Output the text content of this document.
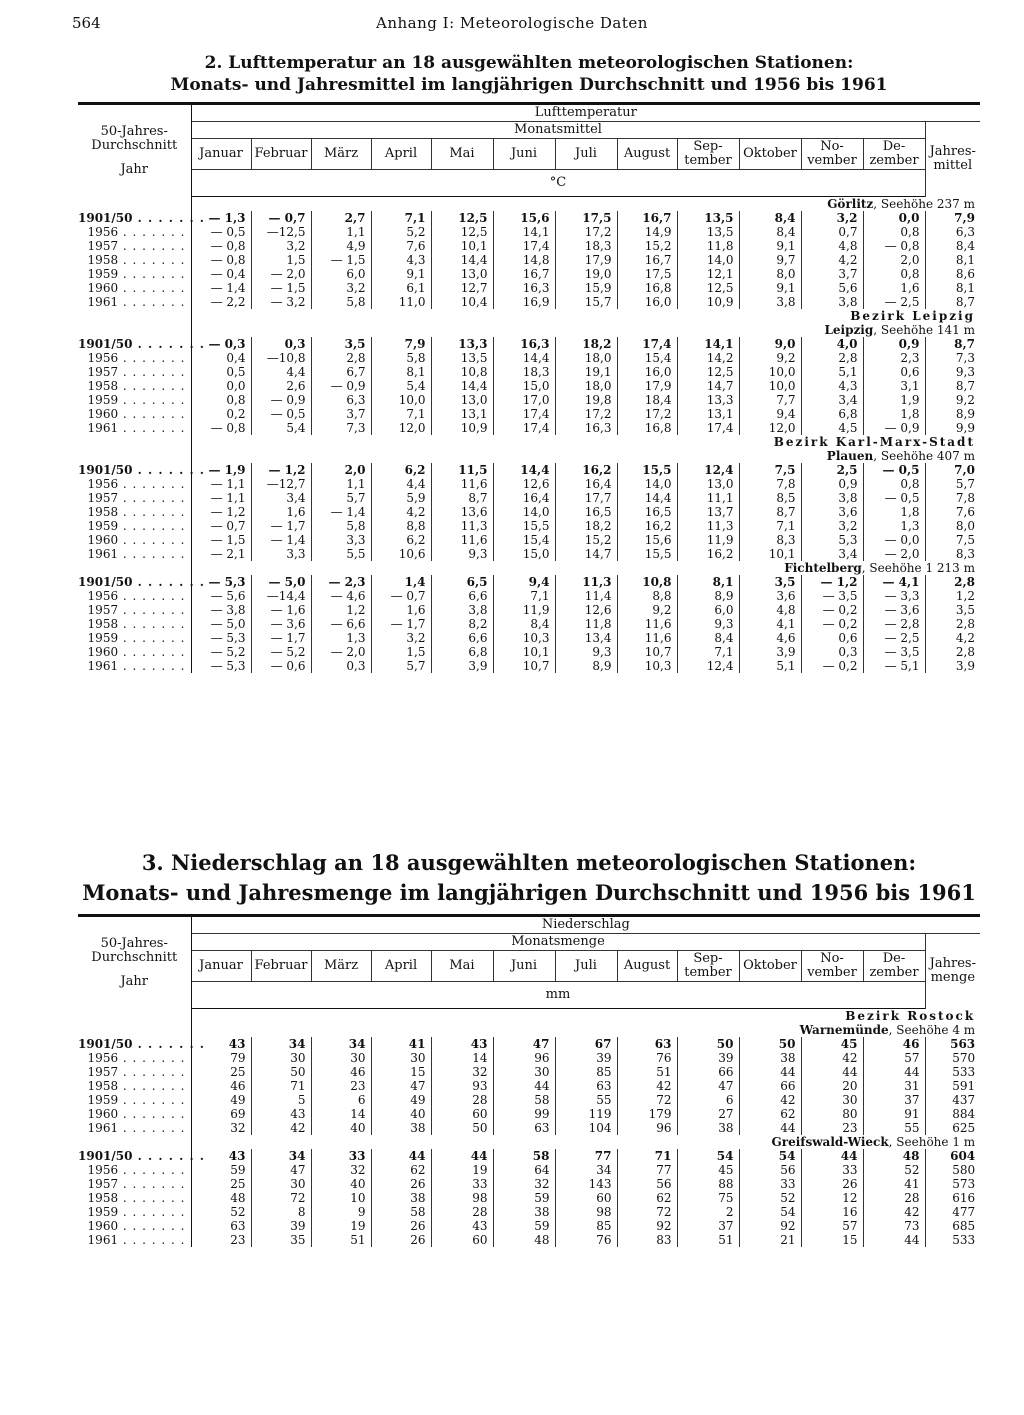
564	Anhang I: Meteorologische Daten

2. Lufttemperatur an 18 ausgewählten meteorologischen Stationen:

Monats- und Jahresmittel im langjährigen Durchschnitt und 1956 bis 1961

50-Jahres-
Durchschnitt
Jahr	Lufttemperatur												
	Monatsmittel												Jahres-
mittel

	Januar	Februar	März	April	Mai	Juni	Juli	August	Sep- tember	Oktober	No- vember	De- zember	
	°C												

	Görlitz, Seehöhe 237 m												

1901/50 . . . . . . .	— 1,3	— 0,7	2,7	7,1	12,5	15,6	17,5	16,7	13,5	8,4	3,2	0,0	7,9
1956 . . . . . . .	— 0,5	—12,5	1,1	5,2	12,5	14,1	17,2	14,9	13,5	8,4	0,7	0,8	6,3
1957 . . . . . . .	— 0,8	3,2	4,9	7,6	10,1	17,4	18,3	15,2	11,8	9,1	4,8	— 0,8	8,4
1958 . . . . . . .	— 0,8	1,5	— 1,5	4,3	14,4	14,8	17,9	16,7	14,0	9,7	4,2	2,0	8,1
1959 . . . . . . .	— 0,4	— 2,0	6,0	9,1	13,0	16,7	19,0	17,5	12,1	8,0	3,7	0,8	8,6
1960 . . . . . . .	— 1,4	— 1,5	3,2	6,1	12,7	16,3	15,9	16,8	12,5	9,1	5,6	1,6	8,1
1961 . . . . . . .	— 2,2	— 3,2	5,8	11,0	10,4	16,9	15,7	16,0	10,9	3,8	3,8	— 2,5	8,7

	Bezirk Leipzig
Leipzig, Seehöhe 141 m												

1901/50 . . . . . . .	— 0,3	0,3	3,5	7,9	13,3	16,3	18,2	17,4	14,1	9,0	4,0	0,9	8,7
1956 . . . . . . .	0,4	—10,8	2,8	5,8	13,5	14,4	18,0	15,4	14,2	9,2	2,8	2,3	7,3
1957 . . . . . . .	0,5	4,4	6,7	8,1	10,8	18,3	19,1	16,0	12,5	10,0	5,1	0,6	9,3
1958 . . . . . . .	0,0	2,6	— 0,9	5,4	14,4	15,0	18,0	17,9	14,7	10,0	4,3	3,1	8,7
1959 . . . . . . .	0,8	— 0,9	6,3	10,0	13,0	17,0	19,8	18,4	13,3	7,7	3,4	1,9	9,2
1960 . . . . . . .	0,2	— 0,5	3,7	7,1	13,1	17,4	17,2	17,2	13,1	9,4	6,8	1,8	8,9
1961 . . . . . . .	— 0,8	5,4	7,3	12,0	10,9	17,4	16,3	16,8	17,4	12,0	4,5	— 0,9	9,9

	Bezirk Karl-Marx-Stadt
Plauen, Seehöhe 407 m												

1901/50 . . . . . . .	— 1,9	— 1,2	2,0	6,2	11,5	14,4	16,2	15,5	12,4	7,5	2,5	— 0,5	7,0
1956 . . . . . . .	— 1,1	—12,7	1,1	4,4	11,6	12,6	16,4	14,0	13,0	7,8	0,9	0,8	5,7
1957 . . . . . . .	— 1,1	3,4	5,7	5,9	8,7	16,4	17,7	14,4	11,1	8,5	3,8	— 0,5	7,8
1958 . . . . . . .	— 1,2	1,6	— 1,4	4,2	13,6	14,0	16,5	16,5	13,7	8,7	3,6	1,8	7,6
1959 . . . . . . .	— 0,7	— 1,7	5,8	8,8	11,3	15,5	18,2	16,2	11,3	7,1	3,2	1,3	8,0
1960 . . . . . . .	— 1,5	— 1,4	3,3	6,2	11,6	15,4	15,2	15,6	11,9	8,3	5,3	— 0,0	7,5
1961 . . . . . . .	— 2,1	3,3	5,5	10,6	9,3	15,0	14,7	15,5	16,2	10,1	3,4	— 2,0	8,3

	Fichtelberg, Seehöhe 1 213 m												

1901/50 . . . . . . .	— 5,3	— 5,0	— 2,3	1,4	6,5	9,4	11,3	10,8	8,1	3,5	— 1,2	— 4,1	2,8
1956 . . . . . . .	— 5,6	—14,4	— 4,6	— 0,7	6,6	7,1	11,4	8,8	8,9	3,6	— 3,5	— 3,3	1,2
1957 . . . . . . .	— 3,8	— 1,6	1,2	1,6	3,8	11,9	12,6	9,2	6,0	4,8	— 0,2	— 3,6	3,5
1958 . . . . . . .	— 5,0	— 3,6	— 6,6	— 1,7	8,2	8,4	11,8	11,6	9,3	4,1	— 0,2	— 2,8	2,8
1959 . . . . . . .	— 5,3	— 1,7	1,3	3,2	6,6	10,3	13,4	11,6	8,4	4,6	0,6	— 2,5	4,2
1960 . . . . . . .	— 5,2	— 5,2	— 2,0	1,5	6,8	10,1	9,3	10,7	7,1	3,9	0,3	— 3,5	2,8
1961 . . . . . . .	— 5,3	— 0,6	0,3	5,7	3,9	10,7	8,9	10,3	12,4	5,1	— 0,2	— 5,1	3,9

3. Niederschlag an 18 ausgewählten meteorologischen Stationen:

Monats- und Jahresmenge im langjährigen Durchschnitt und 1956 bis 1961

50-Jahres-
Durchschnitt
Jahr	Niederschlag												
	Monatsmenge												Jahres-
menge

	Januar	Februar	März	April	Mai	Juni	Juli	August	Sep- tember	Oktober	No- vember	De- zember	
	mm												

	Bezirk Rostock
Warnemünde, Seehöhe 4 m												

1901/50 . . . . . . .	43	34	34	41	43	47	67	63	50	50	45	46	563
1956 . . . . . . .	79	30	30	30	14	96	39	76	39	38	42	57	570
1957 . . . . . . .	25	50	46	15	32	30	85	51	66	44	44	44	533
1958 . . . . . . .	46	71	23	47	93	44	63	42	47	66	20	31	591
1959 . . . . . . .	49	5	6	49	28	58	55	72	6	42	30	37	437
1960 . . . . . . .	69	43	14	40	60	99	119	179	27	62	80	91	884
1961 . . . . . . .	32	42	40	38	50	63	104	96	38	44	23	55	625

	Greifswald-Wieck, Seehöhe 1 m												

1901/50 . . . . . . .	43	34	33	44	44	58	77	71	54	54	44	48	604
1956 . . . . . . .	59	47	32	62	19	64	34	77	45	56	33	52	580
1957 . . . . . . .	25	30	40	26	33	32	143	56	88	33	26	41	573
1958 . . . . . . .	48	72	10	38	98	59	60	62	75	52	12	28	616
1959 . . . . . . .	52	8	9	58	28	38	98	72	2	54	16	42	477
1960 . . . . . . .	63	39	19	26	43	59	85	92	37	92	57	73	685
1961 . . . . . . .	23	35	51	26	60	48	76	83	51	21	15	44	533
